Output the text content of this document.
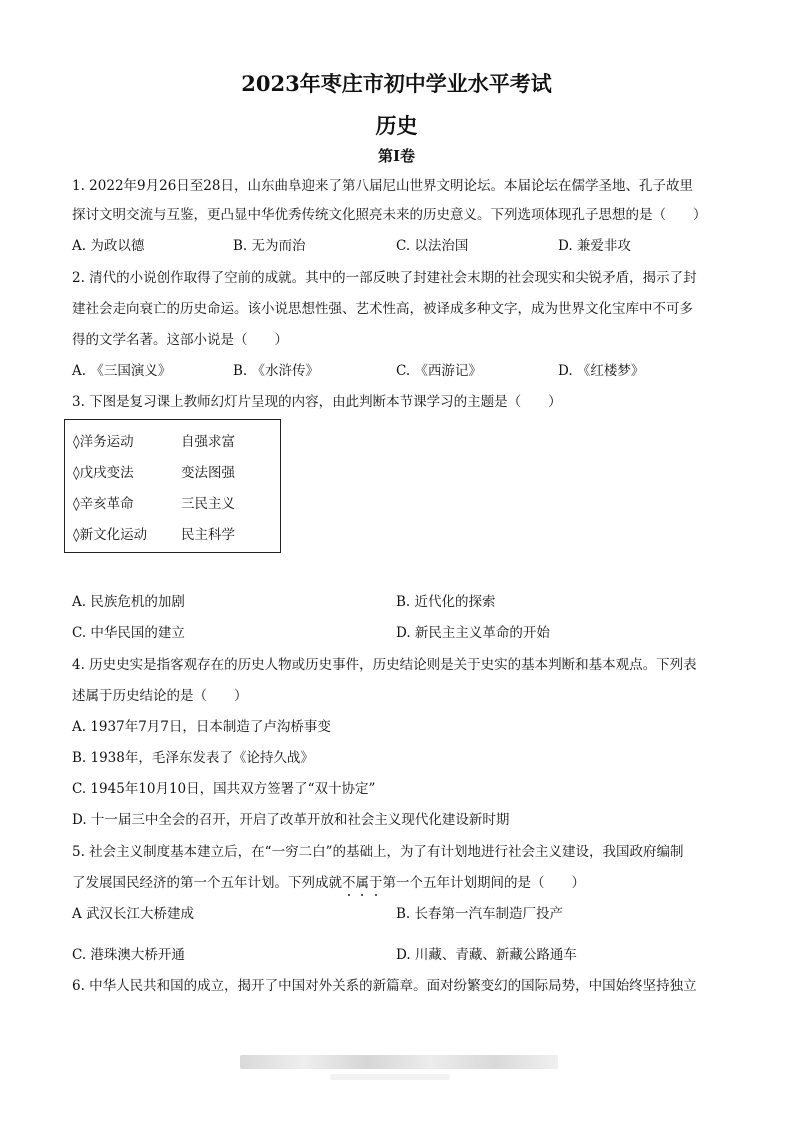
2023年枣庄市初中学业水平考试
历史
第Ⅰ卷
1. 2022年9月26日至28日，山东曲阜迎来了第八届尼山世界文明论坛。本届论坛在儒学圣地、孔子故里
探讨文明交流与互鉴，更凸显中华优秀传统文化照亮未来的历史意义。下列选项体现孔子思想的是（　　）
A. 为政以德	B. 无为而治	C. 以法治国	D. 兼爱非攻
2. 清代的小说创作取得了空前的成就。其中的一部反映了封建社会末期的社会现实和尖锐矛盾，揭示了封
建社会走向衰亡的历史命运。该小说思想性强、艺术性高，被译成多种文字，成为世界文化宝库中不可多
得的文学名著。这部小说是（　　）
A. 《三国演义》	B. 《水浒传》	C. 《西游记》	D. 《红楼梦》
3. 下图是复习课上教师幻灯片呈现的内容，由此判断本节课学习的主题是（　　）
◊洋务运动	自强求富
◊戊戌变法	变法图强
◊辛亥革命	三民主义
◊新文化运动	民主科学
A. 民族危机的加剧	B. 近代化的探索
C. 中华民国的建立	D. 新民主主义革命的开始
4. 历史史实是指客观存在的历史人物或历史事件，历史结论则是关于史实的基本判断和基本观点。下列表
述属于历史结论的是（　　）
A. 1937年7月7日，日本制造了卢沟桥事变
B. 1938年，毛泽东发表了《论持久战》
C. 1945年10月10日，国共双方签署了“双十协定”
D. 十一届三中全会的召开，开启了改革开放和社会主义现代化建设新时期
5. 社会主义制度基本建立后，在“一穷二白”的基础上，为了有计划地进行社会主义建设，我国政府编制
了发展国民经济的第一个五年计划。下列成就不属于第一个五年计划期间的是（　　）
A 武汉长江大桥建成	B. 长春第一汽车制造厂投产
C. 港珠澳大桥开通	D. 川藏、青藏、新藏公路通车
6. 中华人民共和国的成立，揭开了中国对外关系的新篇章。面对纷繁变幻的国际局势，中国始终坚持独立
